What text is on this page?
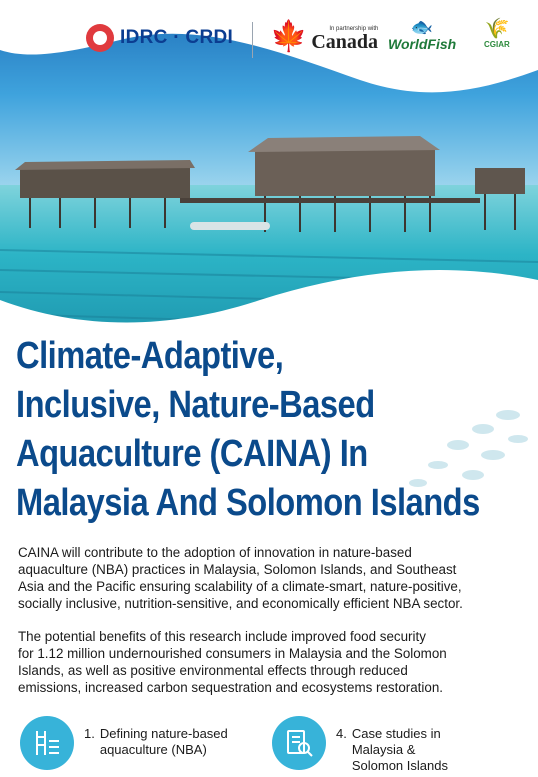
IDRC · CRDI 🍁	In partnership with
Canada
🐟
WorldFish
🌾
CGIAR
Climate-Adaptive,
Inclusive, Nature-Based
Aquaculture (CAINA) In
Malaysia And Solomon Islands
CAINA will contribute to the adoption of innovation in nature-based
aquaculture (NBA) practices in Malaysia, Solomon Islands, and Southeast
Asia and the Pacific ensuring scalability of a climate-smart, nature-positive,
socially inclusive, nutrition-sensitive, and economically efficient NBA sector.
The potential benefits of this research include improved food security
for 1.12 million undernourished consumers in Malaysia and the Solomon
Islands, as well as positive environmental effects through reduced
emissions, increased carbon sequestration and ecosystems restoration.
1. Defining nature-based
aquaculture (NBA)
4. Case studies in
Malaysia &
Solomon Islands
